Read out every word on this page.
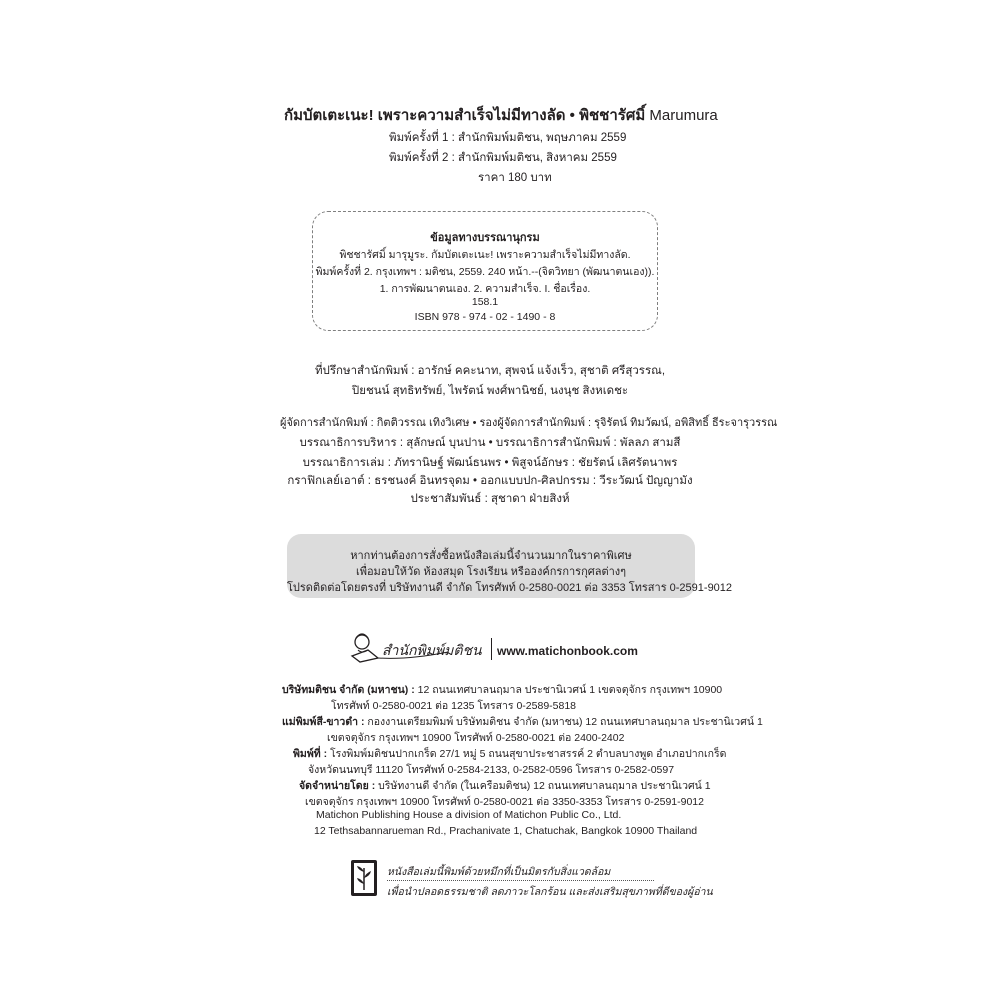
กัมบัตเตะเนะ! เพราะความสำเร็จไม่มีทางลัด • พิชชารัศมิ์ Marumura
พิมพ์ครั้งที่ 1 : สำนักพิมพ์มติชน, พฤษภาคม 2559
พิมพ์ครั้งที่ 2 : สำนักพิมพ์มติชน, สิงหาคม 2559
ราคา 180 บาท
ข้อมูลทางบรรณานุกรม
พิชชารัศมิ์ มารุมูระ. กัมบัตเตะเนะ! เพราะความสำเร็จไม่มีทางลัด.
พิมพ์ครั้งที่ 2. กรุงเทพฯ : มติชน, 2559. 240 หน้า.--(จิตวิทยา (พัฒนาตนเอง)).
1. การพัฒนาตนเอง. 2. ความสำเร็จ. I. ชื่อเรื่อง.
158.1
ISBN 978 - 974 - 02 - 1490 - 8
ที่ปรึกษาสำนักพิมพ์ : อารักษ์ คคะนาท, สุพจน์ แจ้งเร็ว, สุชาติ ศรีสุวรรณ,
ปิยชนน์ สุทธิทรัพย์, ไพรัตน์ พงศ์พานิชย์, นงนุช สิงหเดชะ
ผู้จัดการสำนักพิมพ์ : กิตติวรรณ เทิงวิเศษ • รองผู้จัดการสำนักพิมพ์ : รุจิรัตน์ ทิมวัฒน์, อพิสิทธิ์ ธีระจารุวรรณ
บรรณาธิการบริหาร : สุลักษณ์ บุนปาน • บรรณาธิการสำนักพิมพ์ : พัลลภ สามสี
บรรณาธิการเล่ม : ภัทรานิษฐ์ พัฒน์ธนพร • พิสูจน์อักษร : ชัยรัตน์ เลิศรัตนาพร
กราฟิกเลย์เอาต์ : ธรชนงค์ อินทรจุดม • ออกแบบปก-ศิลปกรรม : วีระวัฒน์ ปัญญามัง
ประชาสัมพันธ์ : สุชาดา ฝ่ายสิงห์
หากท่านต้องการสั่งซื้อหนังสือเล่มนี้จำนวนมากในราคาพิเศษ
เพื่อมอบให้วัด ห้องสมุด โรงเรียน หรือองค์กรการกุศลต่างๆ
โปรดติดต่อโดยตรงที่ บริษัทงานดี จำกัด โทรศัพท์ 0-2580-0021 ต่อ 3353 โทรสาร 0-2591-9012
สำนักพิมพ์มติชน www.matichonbook.com
บริษัทมติชน จำกัด (มหาชน) : 12 ถนนเทศบาลนฤมาล ประชานิเวศน์ 1 เขตจตุจักร กรุงเทพฯ 10900
โทรศัพท์ 0-2580-0021 ต่อ 1235 โทรสาร 0-2589-5818
แม่พิมพ์สี-ขาวดำ : กองงานเตรียมพิมพ์ บริษัทมติชน จำกัด (มหาชน) 12 ถนนเทศบาลนฤมาล ประชานิเวศน์ 1
เขตจตุจักร กรุงเทพฯ 10900 โทรศัพท์ 0-2580-0021 ต่อ 2400-2402
พิมพ์ที่ : โรงพิมพ์มติชนปากเกร็ด 27/1 หมู่ 5 ถนนสุขาประชาสรรค์ 2 ตำบลบางพูด อำเภอปากเกร็ด
จังหวัดนนทบุรี 11120 โทรศัพท์ 0-2584-2133, 0-2582-0596 โทรสาร 0-2582-0597
จัดจำหน่ายโดย : บริษัทงานดี จำกัด (ในเครือมติชน) 12 ถนนเทศบาลนฤมาล ประชานิเวศน์ 1
เขตจตุจักร กรุงเทพฯ 10900 โทรศัพท์ 0-2580-0021 ต่อ 3350-3353 โทรสาร 0-2591-9012
Matichon Publishing House a division of Matichon Public Co., Ltd.
12 Tethsabannarueman Rd., Prachanivate 1, Chatuchak, Bangkok 10900 Thailand
หนังสือเล่มนี้พิมพ์ด้วยหมึกที่เป็นมิตรกับสิ่งแวดล้อม
เพื่อนำปลอดธรรมชาติ ลดภาวะโลกร้อน และส่งเสริมสุขภาพที่ดีของผู้อ่าน
